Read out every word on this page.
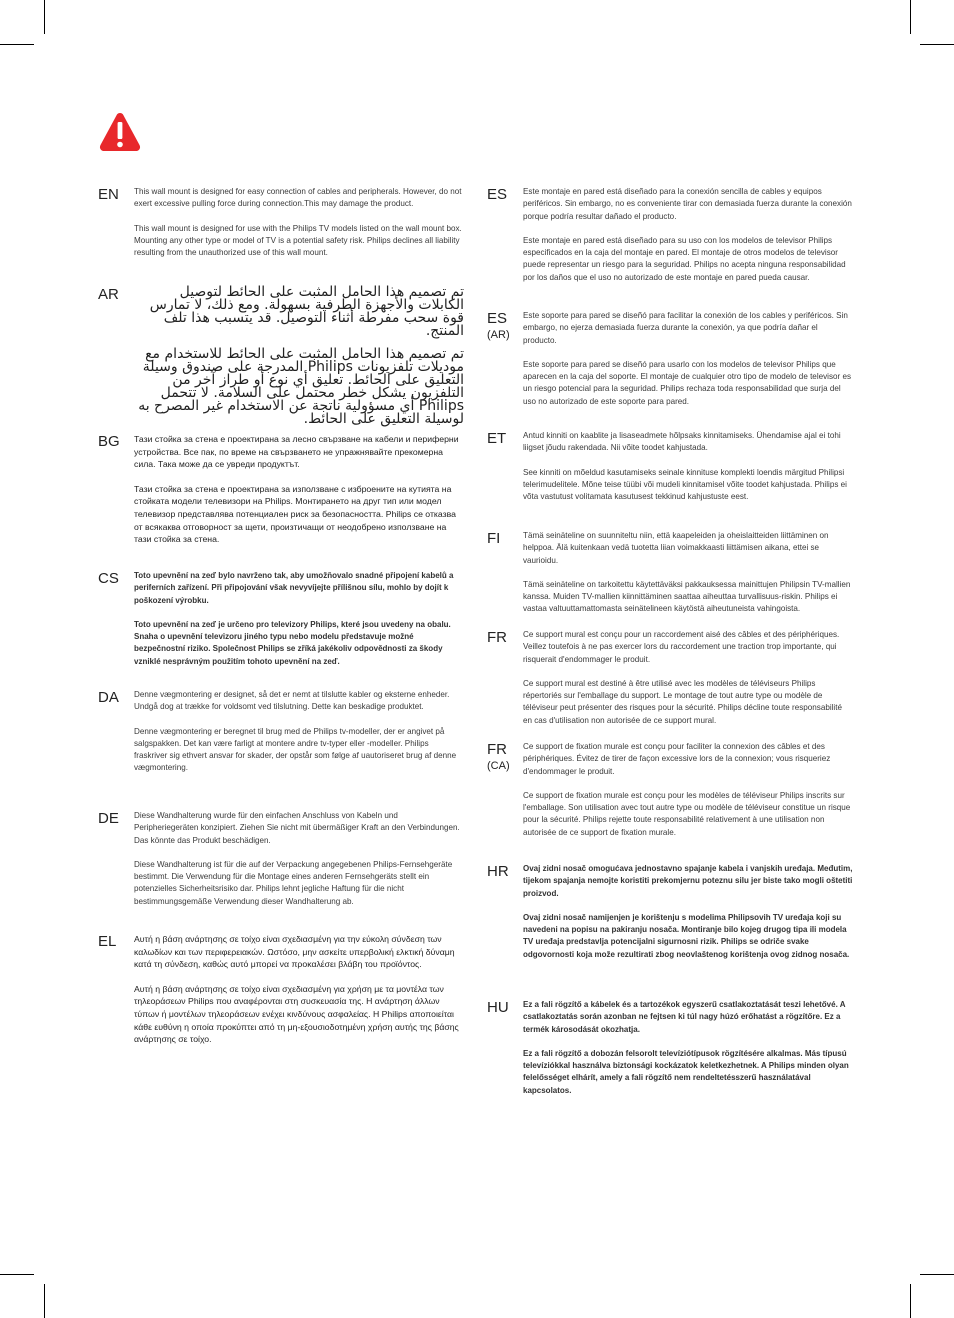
EN	This wall mount is designed for easy connection of cables and peripherals. However, do not exert excessive pulling force during connection.This may damage the product.

This wall mount is designed for use with the Philips TV models listed on the wall mount box. Mounting any other type or model of TV is a potential safety risk. Philips declines all liability resulting from the unauthorized use of this wall mount.

AR	تم تصميم هذا الحامل المثبت على الحائط لتوصيل الكابلات والأجهزة الطرفية بسهولة. ومع ذلك، لا تمارس قوة سحب مفرطة أثناء التوصيل. قد يتسبب هذا تلف المنتج.

تم تصميم هذا الحامل المثبت على الحائط للاستخدام مع موديلات تلفزيونات Philips المدرجة على صندوق وسيلة التعليق على الحائط. تعليق أي نوع أو طراز آخر من التلفزيون يشكل خطر محتمل على السلامة. لا تتحمل Philips أي مسؤولية ناتجة عن الاستخدام غير المصرح به لوسيلة التعليق على الحائط.

BG	Тази стойка за стена е проектирана за лесно свързване на кабели и периферни устройства. Все пак, по време на свързването не упражнявайте прекомерна сила. Така може да се увреди продуктът.

Тази стойка за стена е проектирана за използване с изброените на кутията на стойката модели телевизори на Philips. Монтирането на друг тип или модел телевизор представлява потенциален риск за безопасността. Philips се отказва от всякаква отговорност за щети, произтичащи от неодобрено използване на тази стойка за стена.

CS	Toto upevnění na zeď bylo navrženo tak, aby umožňovalo snadné připojení kabelů a periferních zařízení. Při připojování však nevyvíjejte přílišnou sílu, mohlo by dojít k poškození výrobku.

Toto upevnění na zeď je určeno pro televizory Philips, které jsou uvedeny na obalu. Snaha o upevnění televizoru jiného typu nebo modelu představuje možné bezpečnostní riziko. Společnost Philips se zříká jakékoliv odpovědnosti za škody vzniklé nesprávným použitím tohoto upevnění na zeď.

DA	Denne vægmontering er designet, så det er nemt at tilslutte kabler og eksterne enheder. Undgå dog at trække for voldsomt ved tilslutning. Dette kan beskadige produktet.

Denne vægmontering er beregnet til brug med de Philips tv-modeller, der er angivet på salgspakken. Det kan være farligt at montere andre tv-typer eller -modeller. Philips fraskriver sig ethvert ansvar for skader, der opstår som følge af uautoriseret brug af denne vægmontering.

DE	Diese Wandhalterung wurde für den einfachen Anschluss von Kabeln und Peripheriegeräten konzipiert. Ziehen Sie nicht mit übermäßiger Kraft an den Verbindungen. Das könnte das Produkt beschädigen.

Diese Wandhalterung ist für die auf der Verpackung angegebenen Philips-Fernsehgeräte bestimmt. Die Verwendung für die Montage eines anderen Fernsehgeräts stellt ein potenzielles Sicherheitsrisiko dar. Philips lehnt jegliche Haftung für die nicht bestimmungsgemäße Verwendung dieser Wandhalterung ab.

EL	Αυτή η βάση ανάρτησης σε τοίχο είναι σχεδιασμένη για την εύκολη σύνδεση των καλωδίων και των περιφερειακών. Ωστόσο, μην ασκείτε υπερβολική ελκτική δύναμη κατά τη σύνδεση, καθώς αυτό μπορεί να προκαλέσει βλάβη του προϊόντος.

Αυτή η βάση ανάρτησης σε τοίχο είναι σχεδιασμένη για χρήση με τα μοντέλα των τηλεοράσεων Philips που αναφέρονται στη συσκευασία της. Η ανάρτηση άλλων τύπων ή μοντέλων τηλεοράσεων ενέχει κινδύνους ασφαλείας. Η Philips αποποιείται κάθε ευθύνη η οποία προκύπτει από τη μη-εξουσιοδοτημένη χρήση αυτής της βάσης ανάρτησης σε τοίχο.

ES	Este montaje en pared está diseñado para la conexión sencilla de cables y equipos periféricos. Sin embargo, no es conveniente tirar con demasiada fuerza durante la conexión porque podría resultar dañado el producto.

Este montaje en pared está diseñado para su uso con los modelos de televisor Philips especificados en la caja del montaje en pared. El montaje de otros modelos de televisor puede representar un riesgo para la seguridad. Philips no acepta ninguna responsabilidad por los daños que el uso no autorizado de este montaje en pared pueda causar.

ES
(AR)

Este soporte para pared se diseñó para facilitar la conexión de los cables y periféricos. Sin embargo, no ejerza demasiada fuerza durante la conexión, ya que podría dañar el producto.

Este soporte para pared se diseñó para usarlo con los modelos de televisor Philips que aparecen en la caja del soporte. El montaje de cualquier otro tipo de modelo de televisor es un riesgo potencial para la seguridad. Philips rechaza toda responsabilidad que surja del uso no autorizado de este soporte para pared.

ET	Antud kinniti on kaablite ja lisaseadmete hõlpsaks kinnitamiseks. Ühendamise ajal ei tohi liigset jõudu rakendada. Nii võite toodet kahjustada.

See kinniti on mõeldud kasutamiseks seinale kinnituse komplekti loendis märgitud Philipsi telerimudelitele. Mõne teise tüübi või mudeli kinnitamisel võite toodet kahjustada. Philips ei võta vastutust volitamata kasutusest tekkinud kahjustuste eest.

FI	Tämä seinäteline on suunniteltu niin, että kaapeleiden ja oheislaitteiden liittäminen on helppoa. Älä kuitenkaan vedä tuotetta liian voimakkaasti liittämisen aikana, ettei se vaurioidu.

Tämä seinäteline on tarkoitettu käytettäväksi pakkauksessa mainittujen Philipsin TV-mallien kanssa. Muiden TV-mallien kiinnittäminen saattaa aiheuttaa turvallisuus-riskin. Philips ei vastaa valtuuttamattomasta seinätelineen käytöstä aiheutuneista vahingoista.

FR	Ce support mural est conçu pour un raccordement aisé des câbles et des périphériques. Veillez toutefois à ne pas exercer lors du raccordement une traction trop importante, qui risquerait d'endommager le produit.

Ce support mural est destiné à être utilisé avec les modèles de téléviseurs Philips répertoriés sur l'emballage du support. Le montage de tout autre type ou modèle de téléviseur peut présenter des risques pour la sécurité. Philips décline toute responsabilité en cas d'utilisation non autorisée de ce support mural.

FR
(CA)

Ce support de fixation murale est conçu pour faciliter la connexion des câbles et des périphériques. Évitez de tirer de façon excessive lors de la connexion; vous risqueriez d'endommager le produit.

Ce support de fixation murale est conçu pour les modèles de téléviseur Philips inscrits sur l'emballage. Son utilisation avec tout autre type ou modèle de téléviseur constitue un risque pour la sécurité. Philips rejette toute responsabilité relativement à une utilisation non autorisée de ce support de fixation murale.

HR	Ovaj zidni nosač omogućava jednostavno spajanje kabela i vanjskih uređaja. Međutim, tijekom spajanja nemojte koristiti prekomjernu poteznu silu jer biste tako mogli oštetiti proizvod.

Ovaj zidni nosač namijenjen je korištenju s modelima Philipsovih TV uređaja koji su navedeni na popisu na pakiranju nosača. Montiranje bilo kojeg drugog tipa ili modela TV uređaja predstavlja potencijalni sigurnosni rizik. Philips se odriče svake odgovornosti koja može rezultirati zbog neovlaštenog korištenja ovog zidnog nosača.

HU	Ez a fali rögzítő a kábelek és a tartozékok egyszerű csatlakoztatását teszi lehetővé. A csatlakoztatás során azonban ne fejtsen ki túl nagy húzó erőhatást a rögzítőre. Ez a termék károsodását okozhatja.

Ez a fali rögzítő a dobozán felsorolt televíziótípusok rögzítésére alkalmas. Más típusú televíziókkal használva biztonsági kockázatok keletkezhetnek. A Philips minden olyan felelősséget elhárít, amely a fali rögzítő nem rendeltetésszerű használatával kapcsolatos.
